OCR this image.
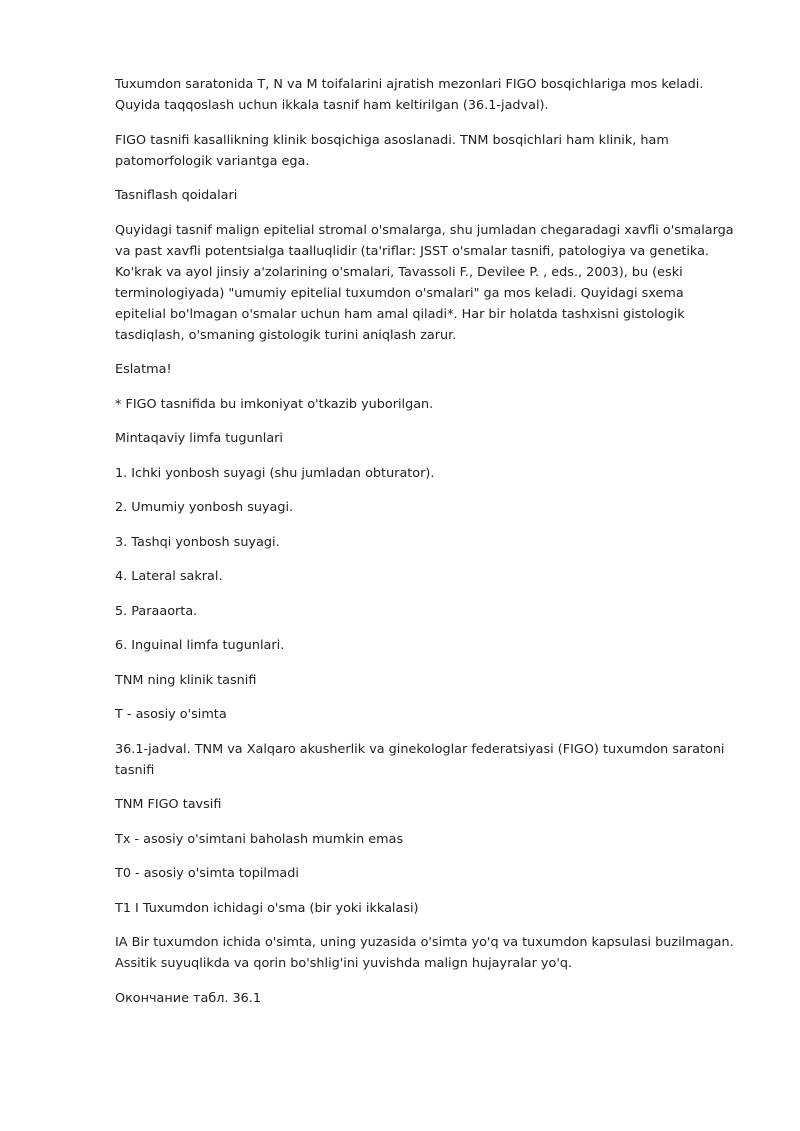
Tuxumdon saratonida T, N va M toifalarini ajratish mezonlari FIGO bosqichlariga mos keladi. Quyida taqqoslash uchun ikkala tasnif ham keltirilgan (36.1-jadval).

FIGO tasnifi kasallikning klinik bosqichiga asoslanadi. TNM bosqichlari ham klinik, ham patomorfologik variantga ega.

Tasniflash qoidalari

Quyidagi tasnif malign epitelial stromal o'smalarga, shu jumladan chegaradagi xavfli o'smalarga va past xavfli potentsialga taalluqlidir (ta'riflar: JSST o'smalar tasnifi, patologiya va genetika. Ko'krak va ayol jinsiy a'zolarining o'smalari, Tavassoli F., Devilee P. , eds., 2003), bu (eski terminologiyada) "umumiy epitelial tuxumdon o'smalari" ga mos keladi. Quyidagi sxema epitelial bo'lmagan o'smalar uchun ham amal qiladi*. Har bir holatda tashxisni gistologik tasdiqlash, o'smaning gistologik turini aniqlash zarur.

Eslatma!

* FIGO tasnifida bu imkoniyat o'tkazib yuborilgan.

Mintaqaviy limfa tugunlari

1. Ichki yonbosh suyagi (shu jumladan obturator).

2. Umumiy yonbosh suyagi.

3. Tashqi yonbosh suyagi.

4. Lateral sakral.

5. Paraaorta.

6. Inguinal limfa tugunlari.

TNM ning klinik tasnifi

T - asosiy o'simta

36.1-jadval. TNM va Xalqaro akusherlik va ginekologlar federatsiyasi (FIGO) tuxumdon saratoni tasnifi

TNM FIGO tavsifi

Tx - asosiy o'simtani baholash mumkin emas

T0 - asosiy o'simta topilmadi

T1 I Tuxumdon ichidagi o'sma (bir yoki ikkalasi)

IA Bir tuxumdon ichida o'simta, uning yuzasida o'simta yo'q va tuxumdon kapsulasi buzilmagan. Assitik suyuqlikda va qorin bo'shlig'ini yuvishda malign hujayralar yo'q.

Окончание табл. 36.1
